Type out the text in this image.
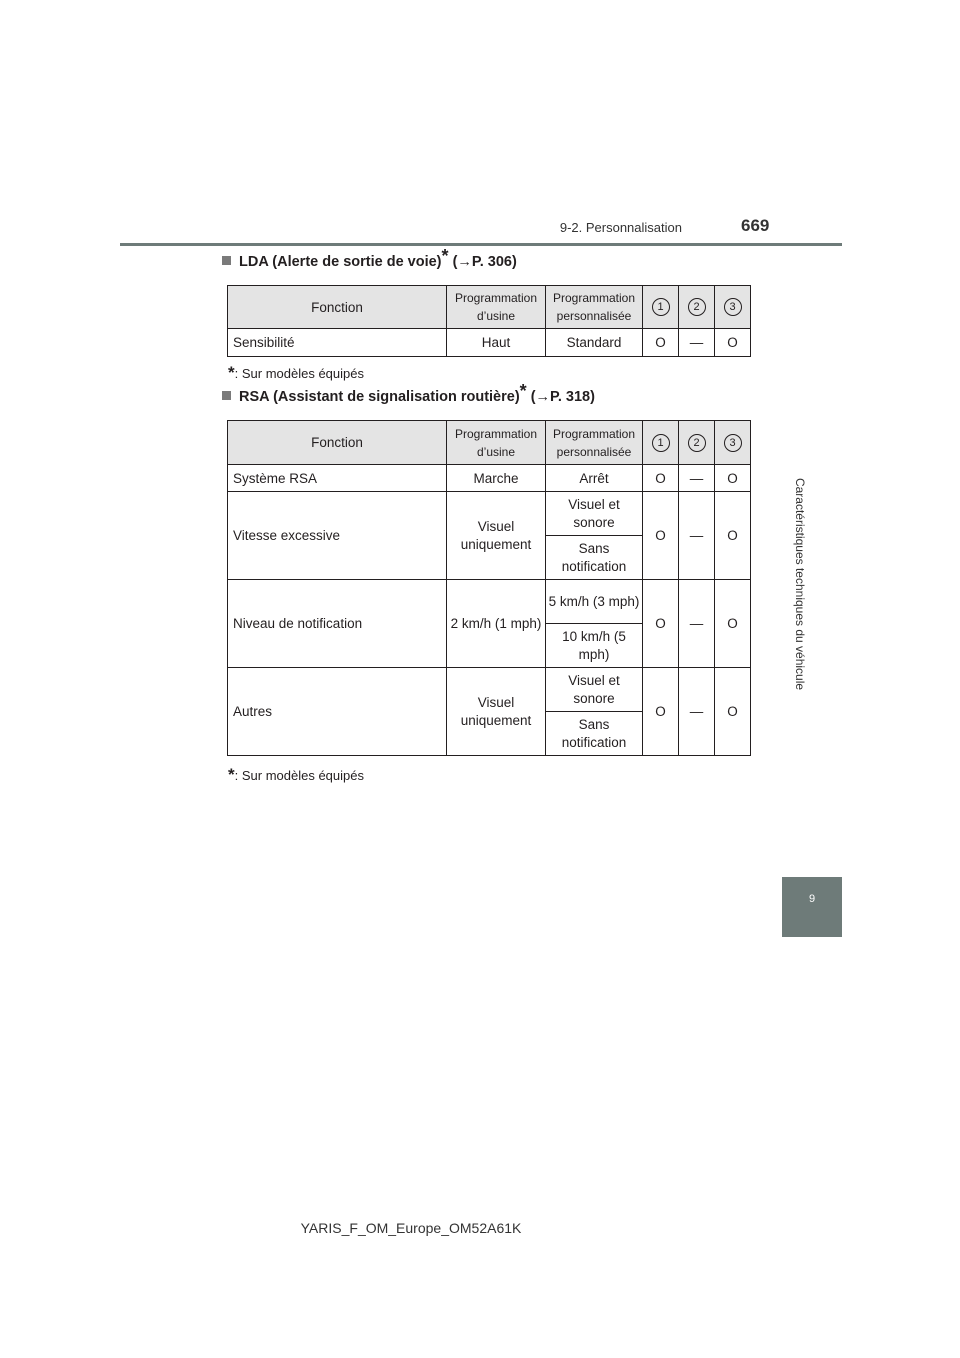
9-2. Personnalisation	669
Caractéristiques techniques du véhicule
9
LDA (Alerte de sortie de voie)* (→P. 306)
Fonction	Programmation d’usine	Programmation personnalisée	1	2	3
Sensibilité	Haut	Standard	O	—	O
*: Sur modèles équipés
RSA (Assistant de signalisation routière)* (→P. 318)
Fonction	Programmation d’usine	Programmation personnalisée	1	2	3
Système RSA	Marche	Arrêt	O	—	O
Vitesse excessive	Visuel uniquement	Visuel et sonore	O	—	O
		Sans notification			
Niveau de notification	2 km/h (1 mph)	5 km/h (3 mph)	O	—	O
		10 km/h (5 mph)			
Autres	Visuel uniquement	Visuel et sonore	O	—	O
		Sans notification			
*: Sur modèles équipés
YARIS_F_OM_Europe_OM52A61K
